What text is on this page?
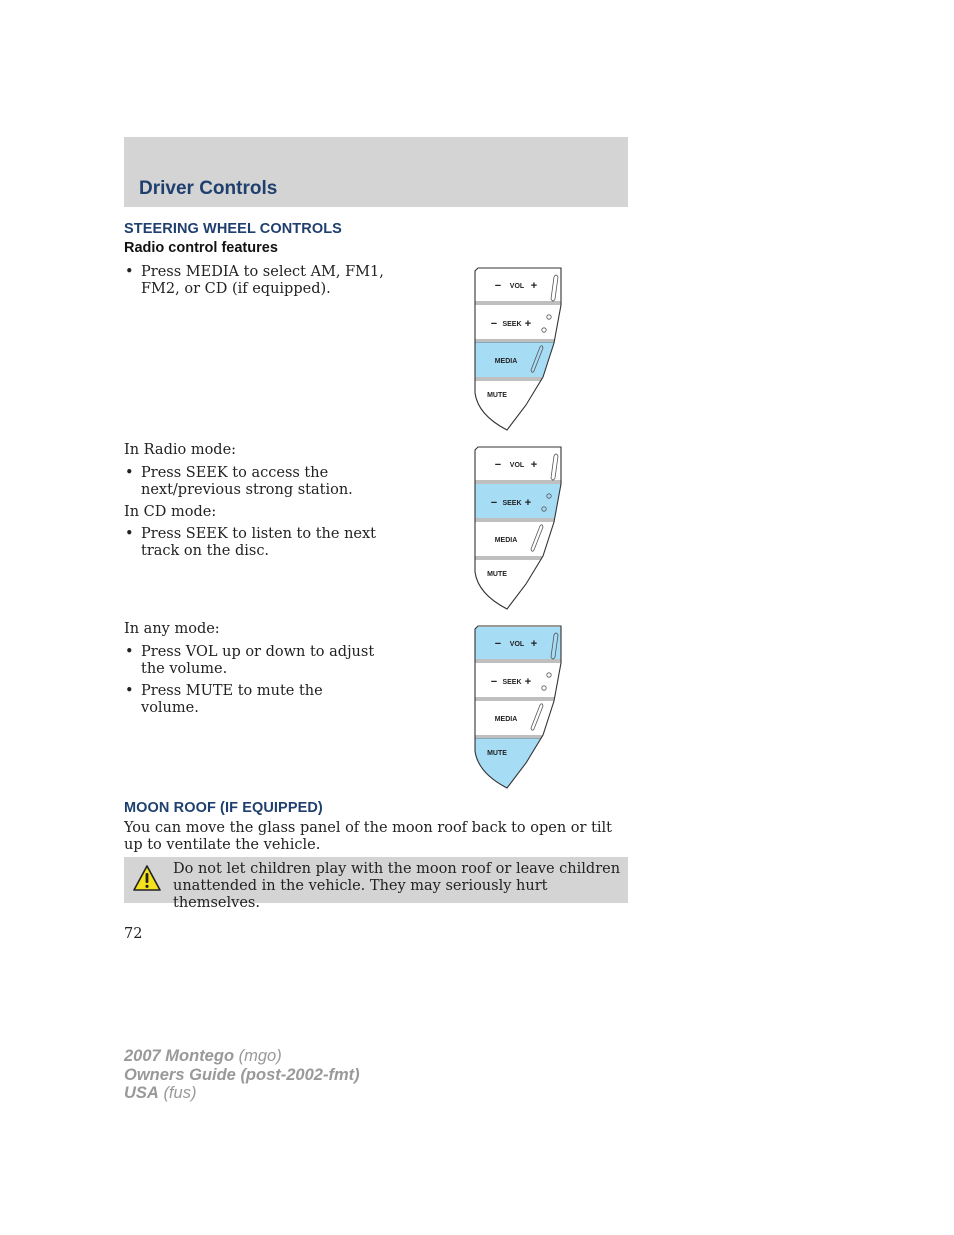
Driver Controls
STEERING WHEEL CONTROLS
Radio control features
• Press MEDIA to select AM, FM1, FM2, or CD (if equipped).
In Radio mode:
• Press SEEK to access the next/previous strong station.
In CD mode:
• Press SEEK to listen to the next track on the disc.
In any mode:
• Press VOL up or down to adjust the volume.
• Press MUTE to mute the volume.
− VOL +
− SEEK +
MEDIA
MUTE
− VOL +
− SEEK +
MEDIA
MUTE
− VOL +
− SEEK +
MEDIA
MUTE
MOON ROOF (IF EQUIPPED)
You can move the glass panel of the moon roof back to open or tilt up to ventilate the vehicle.
Do not let children play with the moon roof or leave children unattended in the vehicle. They may seriously hurt themselves.
72
2007 Montego (mgo)
Owners Guide (post-2002-fmt)
USA (fus)
